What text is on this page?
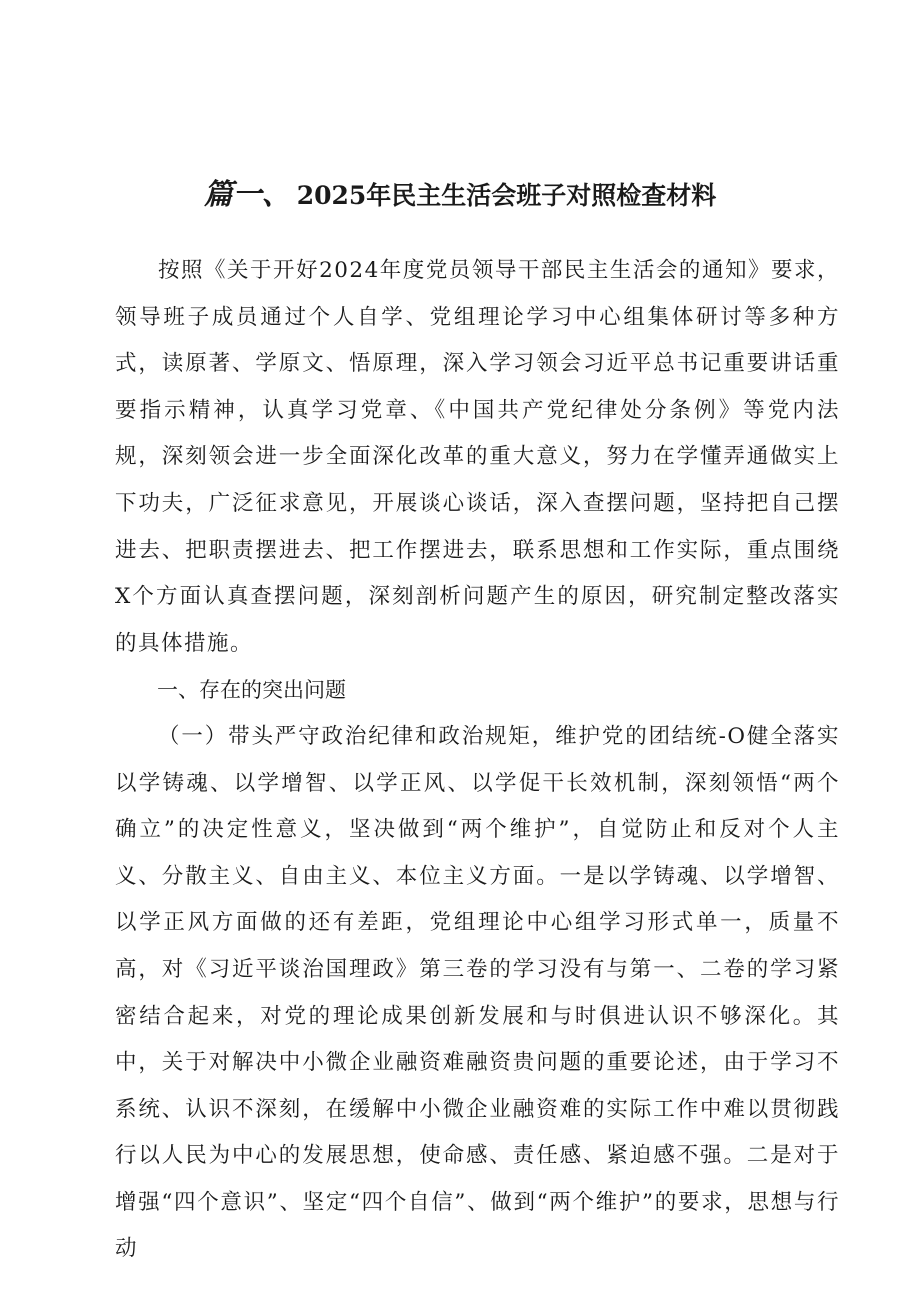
篇一、 2025年民主生活会班子对照检查材料

按照《关于开好2024年度党员领导干部民主生活会的通知》要求，领导班子成员通过个人自学、党组理论学习中心组集体研讨等多种方式，读原著、学原文、悟原理，深入学习领会习近平总书记重要讲话重要指示精神，认真学习党章、《中国共产党纪律处分条例》等党内法规，深刻领会进一步全面深化改革的重大意义，努力在学懂弄通做实上下功夫，广泛征求意见，开展谈心谈话，深入查摆问题，坚持把自己摆进去、把职责摆进去、把工作摆进去，联系思想和工作实际，重点围绕X个方面认真查摆问题，深刻剖析问题产生的原因，研究制定整改落实的具体措施。

一、存在的突出问题

（一）带头严守政治纪律和政治规矩，维护党的团结统-O健全落实以学铸魂、以学增智、以学正风、以学促干长效机制，深刻领悟“两个确立”的决定性意义，坚决做到“两个维护”，自觉防止和反对个人主义、分散主义、自由主义、本位主义方面。一是以学铸魂、以学增智、以学正风方面做的还有差距，党组理论中心组学习形式单一，质量不高，对《习近平谈治国理政》第三卷的学习没有与第一、二卷的学习紧密结合起来，对党的理论成果创新发展和与时俱进认识不够深化。其中，关于对解决中小微企业融资难融资贵问题的重要论述，由于学习不系统、认识不深刻，在缓解中小微企业融资难的实际工作中难以贯彻践行以人民为中心的发展思想，使命感、责任感、紧迫感不强。二是对于增强“四个意识”、坚定“四个自信”、做到“两个维护”的要求，思想与行动
